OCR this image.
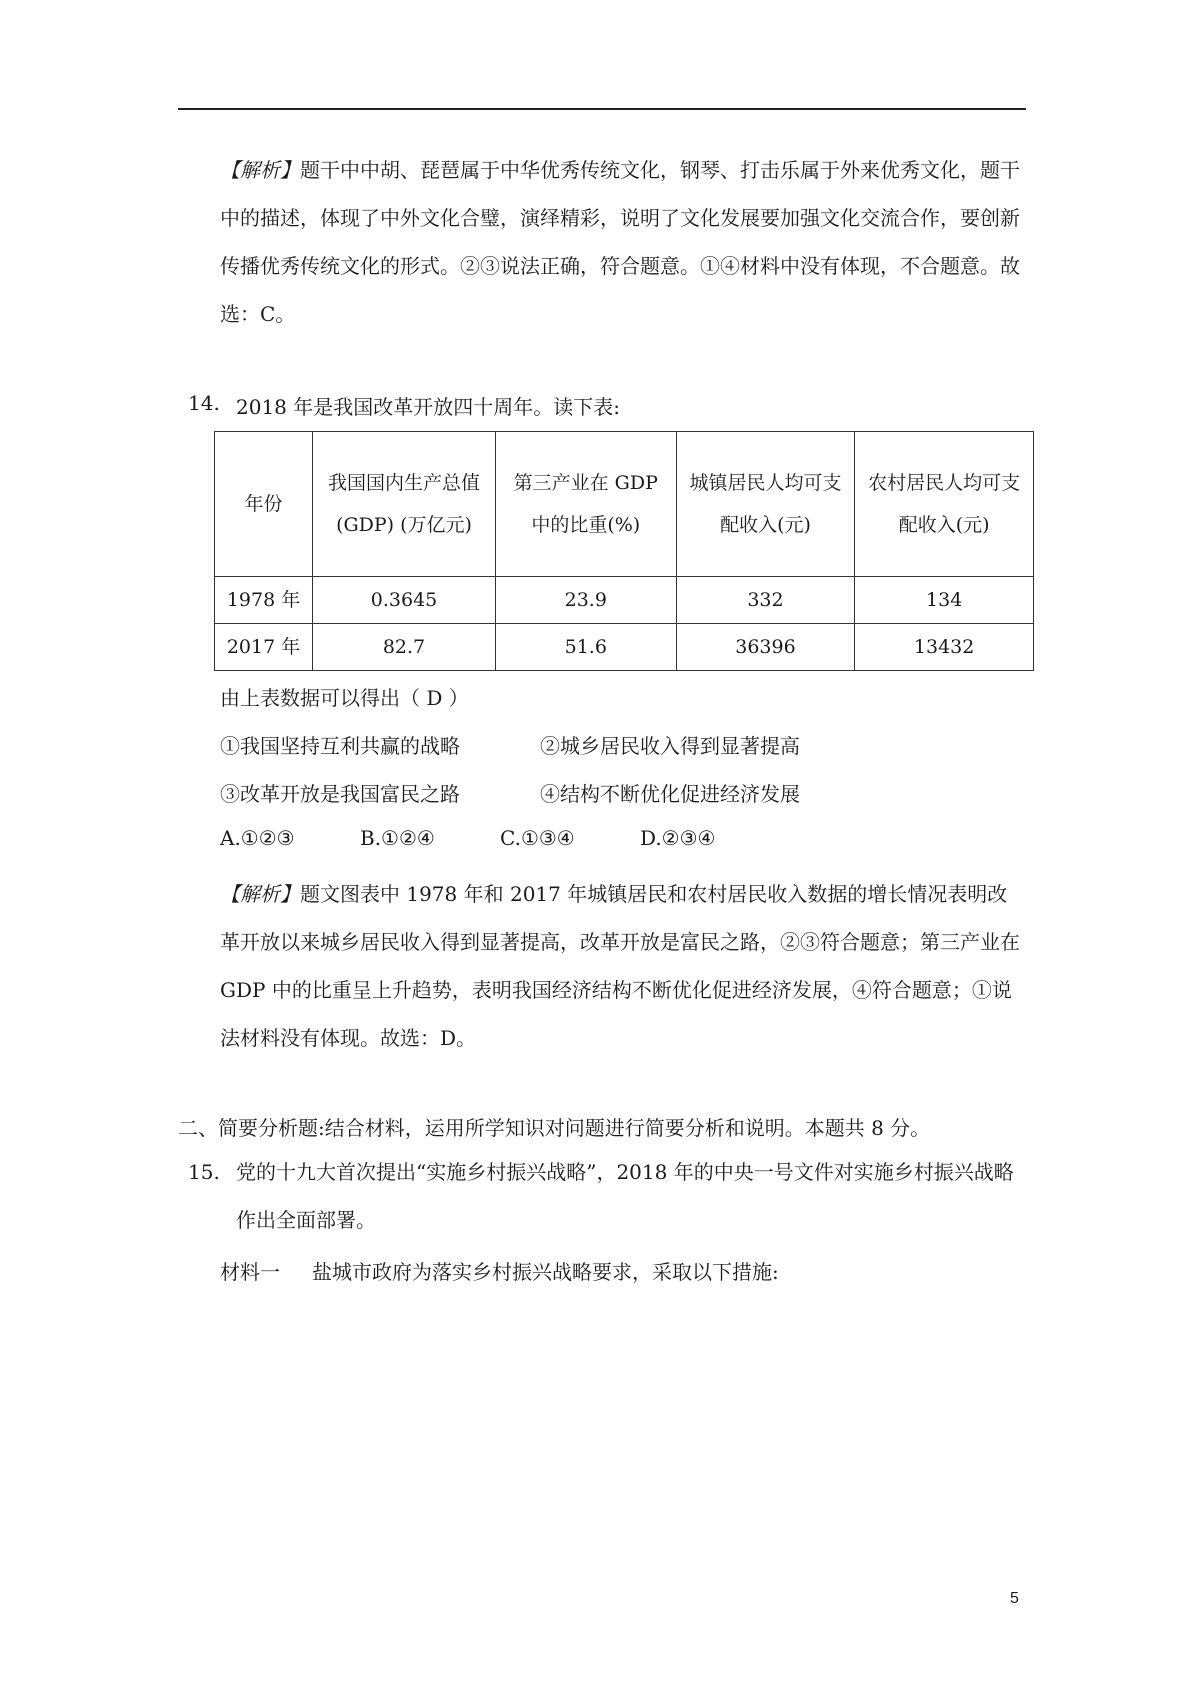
【解析】题干中中胡、琵琶属于中华优秀传统文化，钢琴、打击乐属于外来优秀文化，题干中的描述，体现了中外文化合璧，演绎精彩，说明了文化发展要加强文化交流合作，要创新传播优秀传统文化的形式。②③说法正确，符合题意。①④材料中没有体现，不合题意。故选：C。

14. 2018 年是我国改革开放四十周年。读下表:
年份	我国国内生产总值(GDP) (万亿元)	第三产业在 GDP 中的比重(%)	城镇居民人均可支配收入(元)	农村居民人均可支配收入(元)
1978 年	0.3645	23.9	332	134
2017 年	82.7	51.6	36396	13432

由上表数据可以得出（ D ）

①我国坚持互利共赢的战略	②城乡居民收入得到显著提高

③改革开放是我国富民之路	④结构不断优化促进经济发展

A.①②③	B.①②④	C.①③④	D.②③④

【解析】题文图表中 1978 年和 2017 年城镇居民和农村居民收入数据的增长情况表明改革开放以来城乡居民收入得到显著提高，改革开放是富民之路，②③符合题意；第三产业在 GDP 中的比重呈上升趋势，表明我国经济结构不断优化促进经济发展，④符合题意；①说法材料没有体现。故选：D。

二、简要分析题:结合材料，运用所学知识对问题进行简要分析和说明。本题共 8 分。

15. 党的十九大首次提出“实施乡村振兴战略”，2018 年的中央一号文件对实施乡村振兴战略作出全面部署。

材料一 盐城市政府为落实乡村振兴战略要求，采取以下措施:

5
